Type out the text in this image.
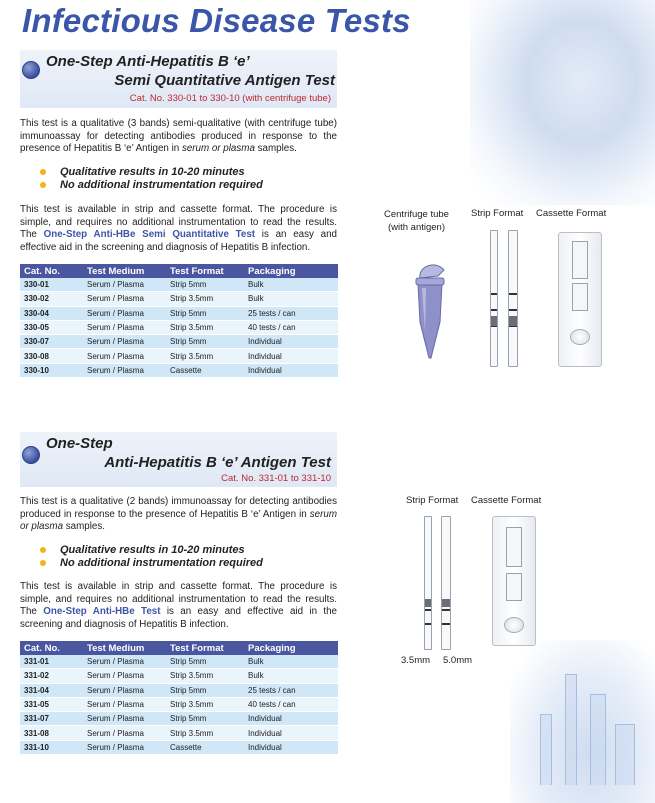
Infectious Disease Tests
One-Step Anti-Hepatitis B ‘e’
Semi Quantitative Antigen Test
Cat. No. 330-01 to 330-10 (with centrifuge tube)

This test is a qualitative (3 bands) semi-qualitative (with centrifuge tube) immunoassay for detecting antibodies produced in response to the presence of Hepatitis B ‘e’ Antigen in serum or plasma samples.

Qualitative results in 10-20 minutes
No additional instrumentation required

This test is available in strip and cassette format. The procedure is simple, and requires no additional instrumentation to read the results. The One-Step Anti-HBe Semi Quantitative Test is an easy and effective aid in the screening and diagnosis of Hepatitis B infection.

Cat. No.	Test Medium	Test Format	Packaging
330-01	Serum / Plasma	Strip 5mm	Bulk
330-02	Serum / Plasma	Strip 3.5mm	Bulk
330-04	Serum / Plasma	Strip 5mm	25 tests / can
330-05	Serum / Plasma	Strip 3.5mm	40 tests / can
330-07	Serum / Plasma	Strip 5mm	Individual
330-08	Serum / Plasma	Strip 3.5mm	Individual
330-10	Serum / Plasma	Cassette	Individual
Centrifuge tube
(with antigen)
Strip Format Cassette Format
One-Step
Anti-Hepatitis B ‘e’ Antigen Test
Cat. No. 331-01 to 331-10

This test is a qualitative (2 bands) immunoassay for detecting antibodies produced in response to the presence of Hepatitis B ‘e’ Antigen in serum or plasma samples.

Qualitative results in 10-20 minutes
No additional instrumentation required

This test is available in strip and cassette format. The procedure is simple, and requires no additional instrumentation to read the results. The One-Step Anti-HBe Test is an easy and effective aid in the screening and diagnosis of Hepatitis B infection.

Cat. No.	Test Medium	Test Format	Packaging
331-01	Serum / Plasma	Strip 5mm	Bulk
331-02	Serum / Plasma	Strip 3.5mm	Bulk
331-04	Serum / Plasma	Strip 5mm	25 tests / can
331-05	Serum / Plasma	Strip 3.5mm	40 tests / can
331-07	Serum / Plasma	Strip 5mm	Individual
331-08	Serum / Plasma	Strip 3.5mm	Individual
331-10	Serum / Plasma	Cassette	Individual
Strip Format Cassette Format
3.5mm 5.0mm
